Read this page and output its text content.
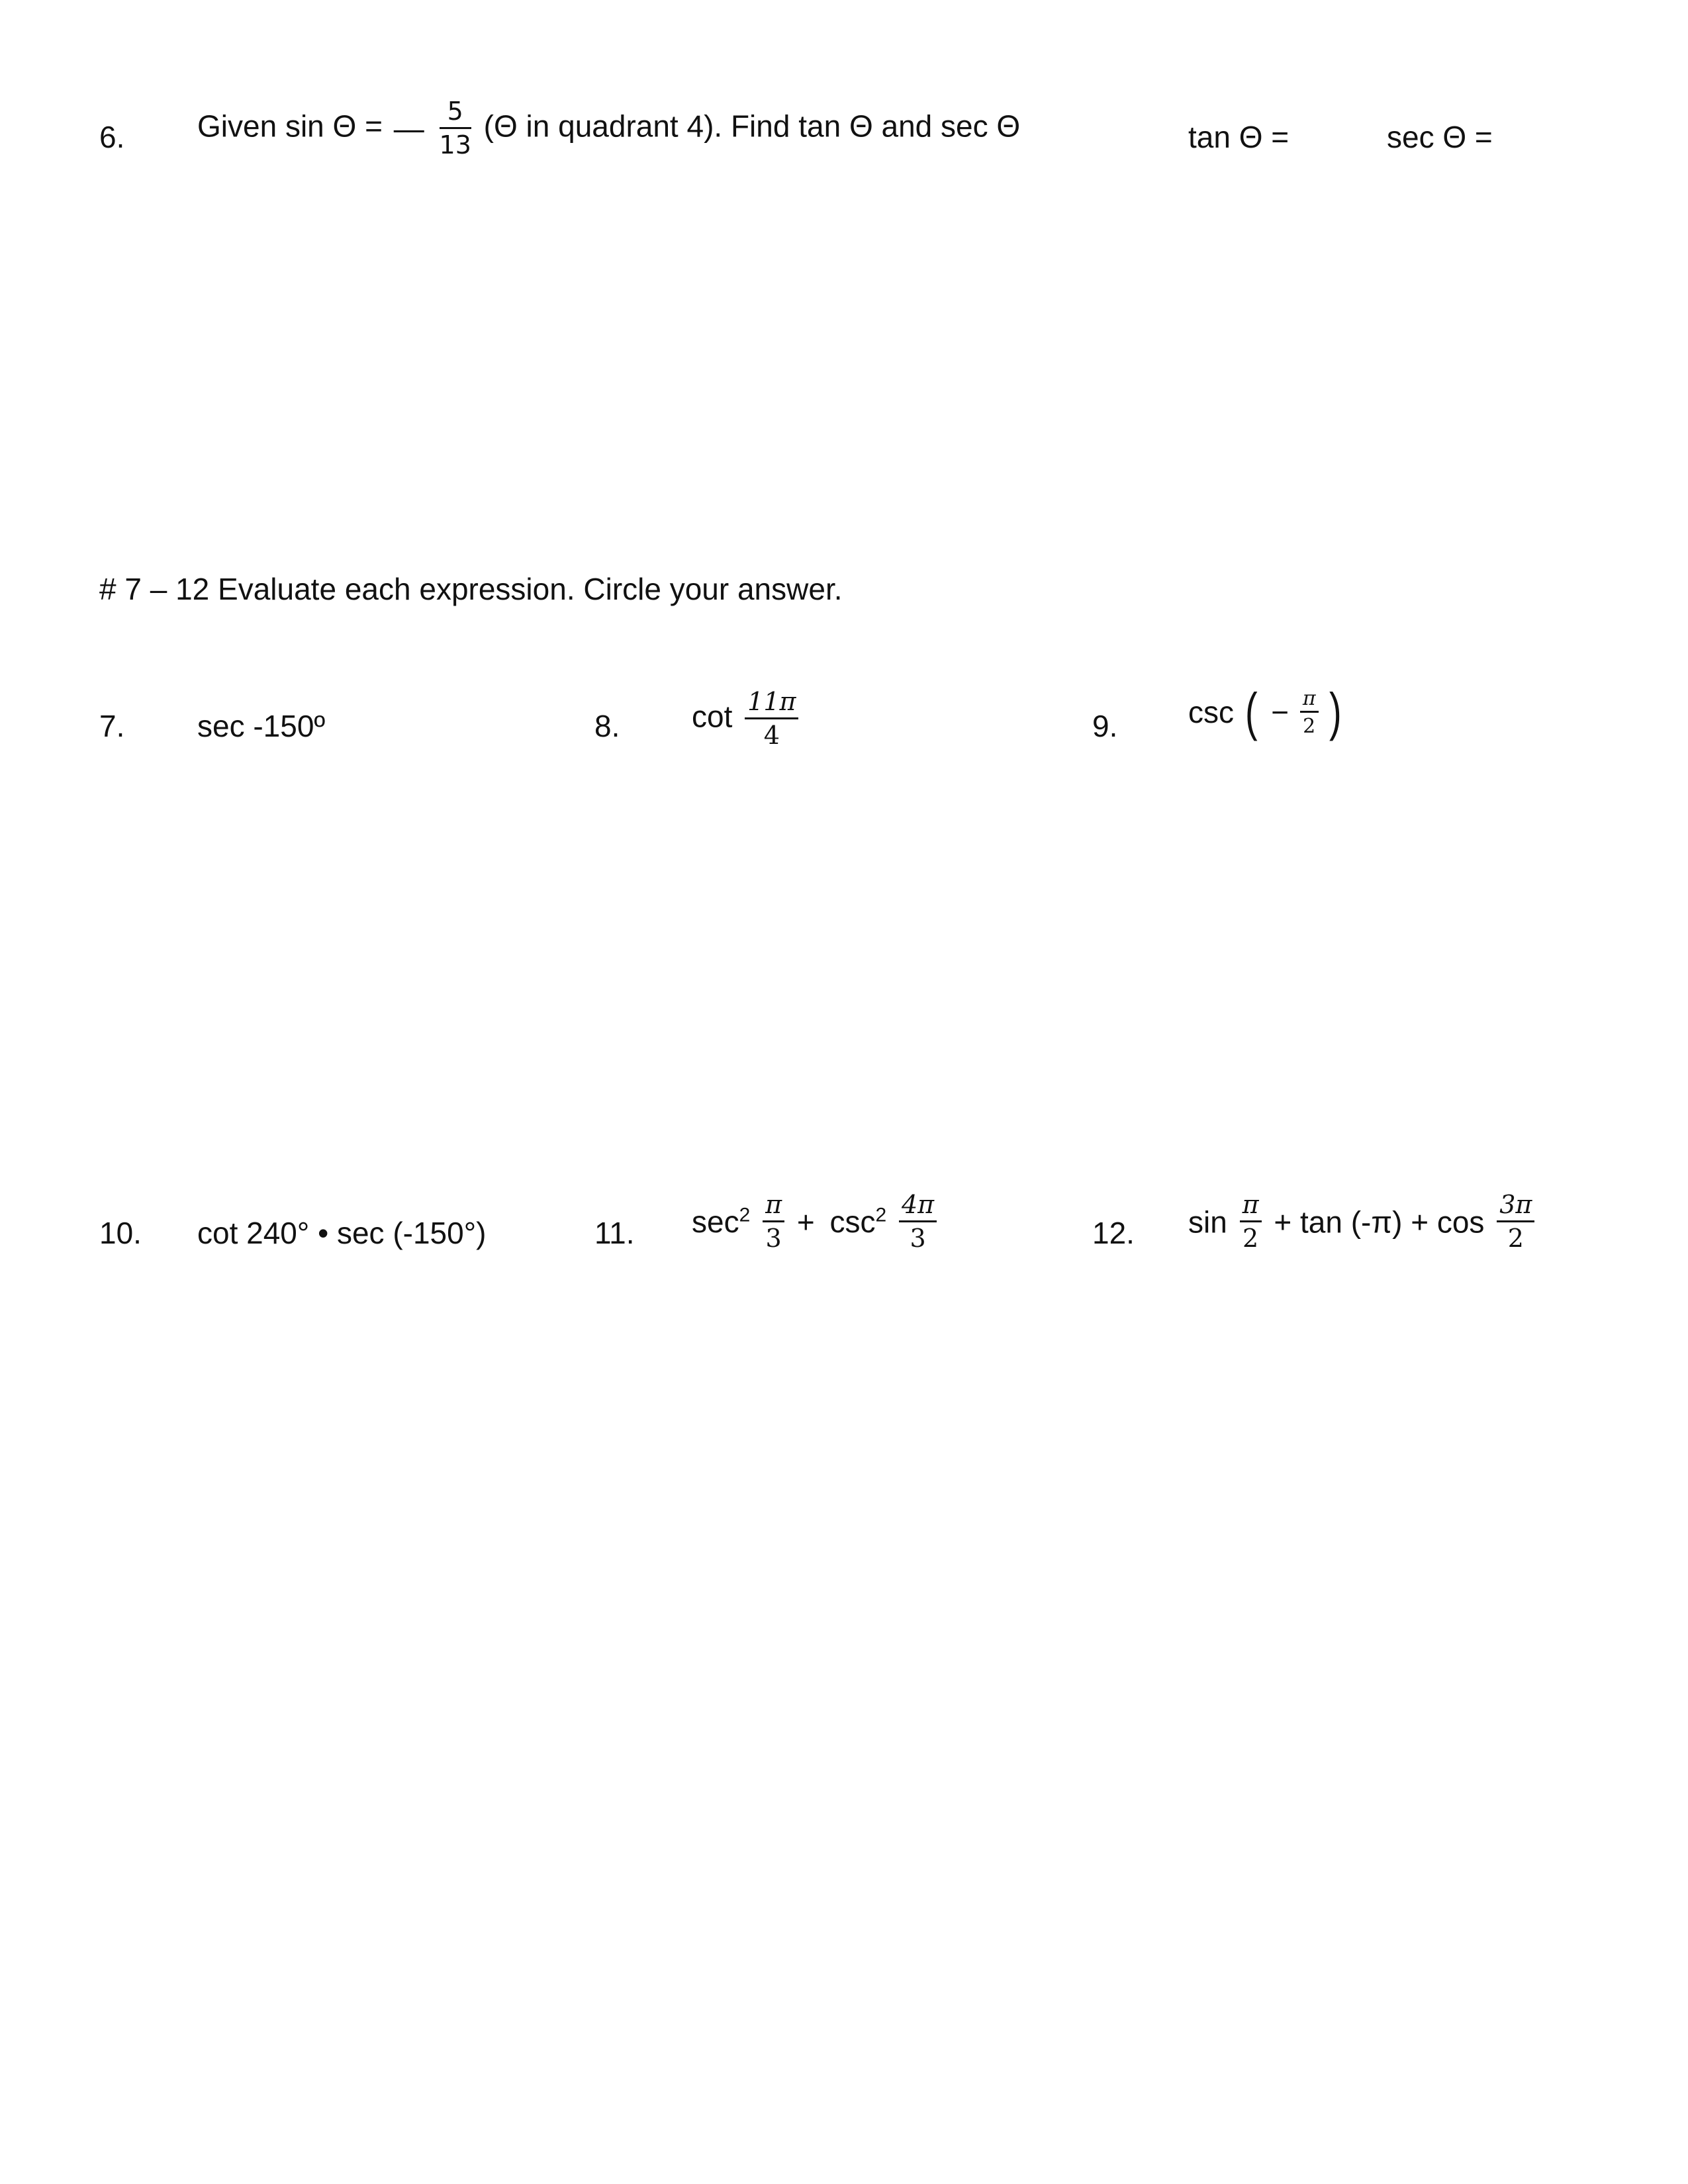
6. Given sin Θ = — $\frac{5}{13} (\Theta$ in quadrant 4). Find tan Θ and sec Θ	tan Θ =	sec Θ =
# 7 – 12 Evaluate each expression. Circle your answer.
7. sec -150º	8. $\cot \frac{11\pi}{4}$	9. csc ( − $\frac{\pi}{2}$ )
10. cot 240° • sec (-150°)	11. $\sec^2 \frac{\pi}{3} + \csc^2 \frac{4\pi}{3}$	12. $\sin \frac{\pi}{2} + \tan (-\pi) + \cos \frac{3\pi}{2}$
